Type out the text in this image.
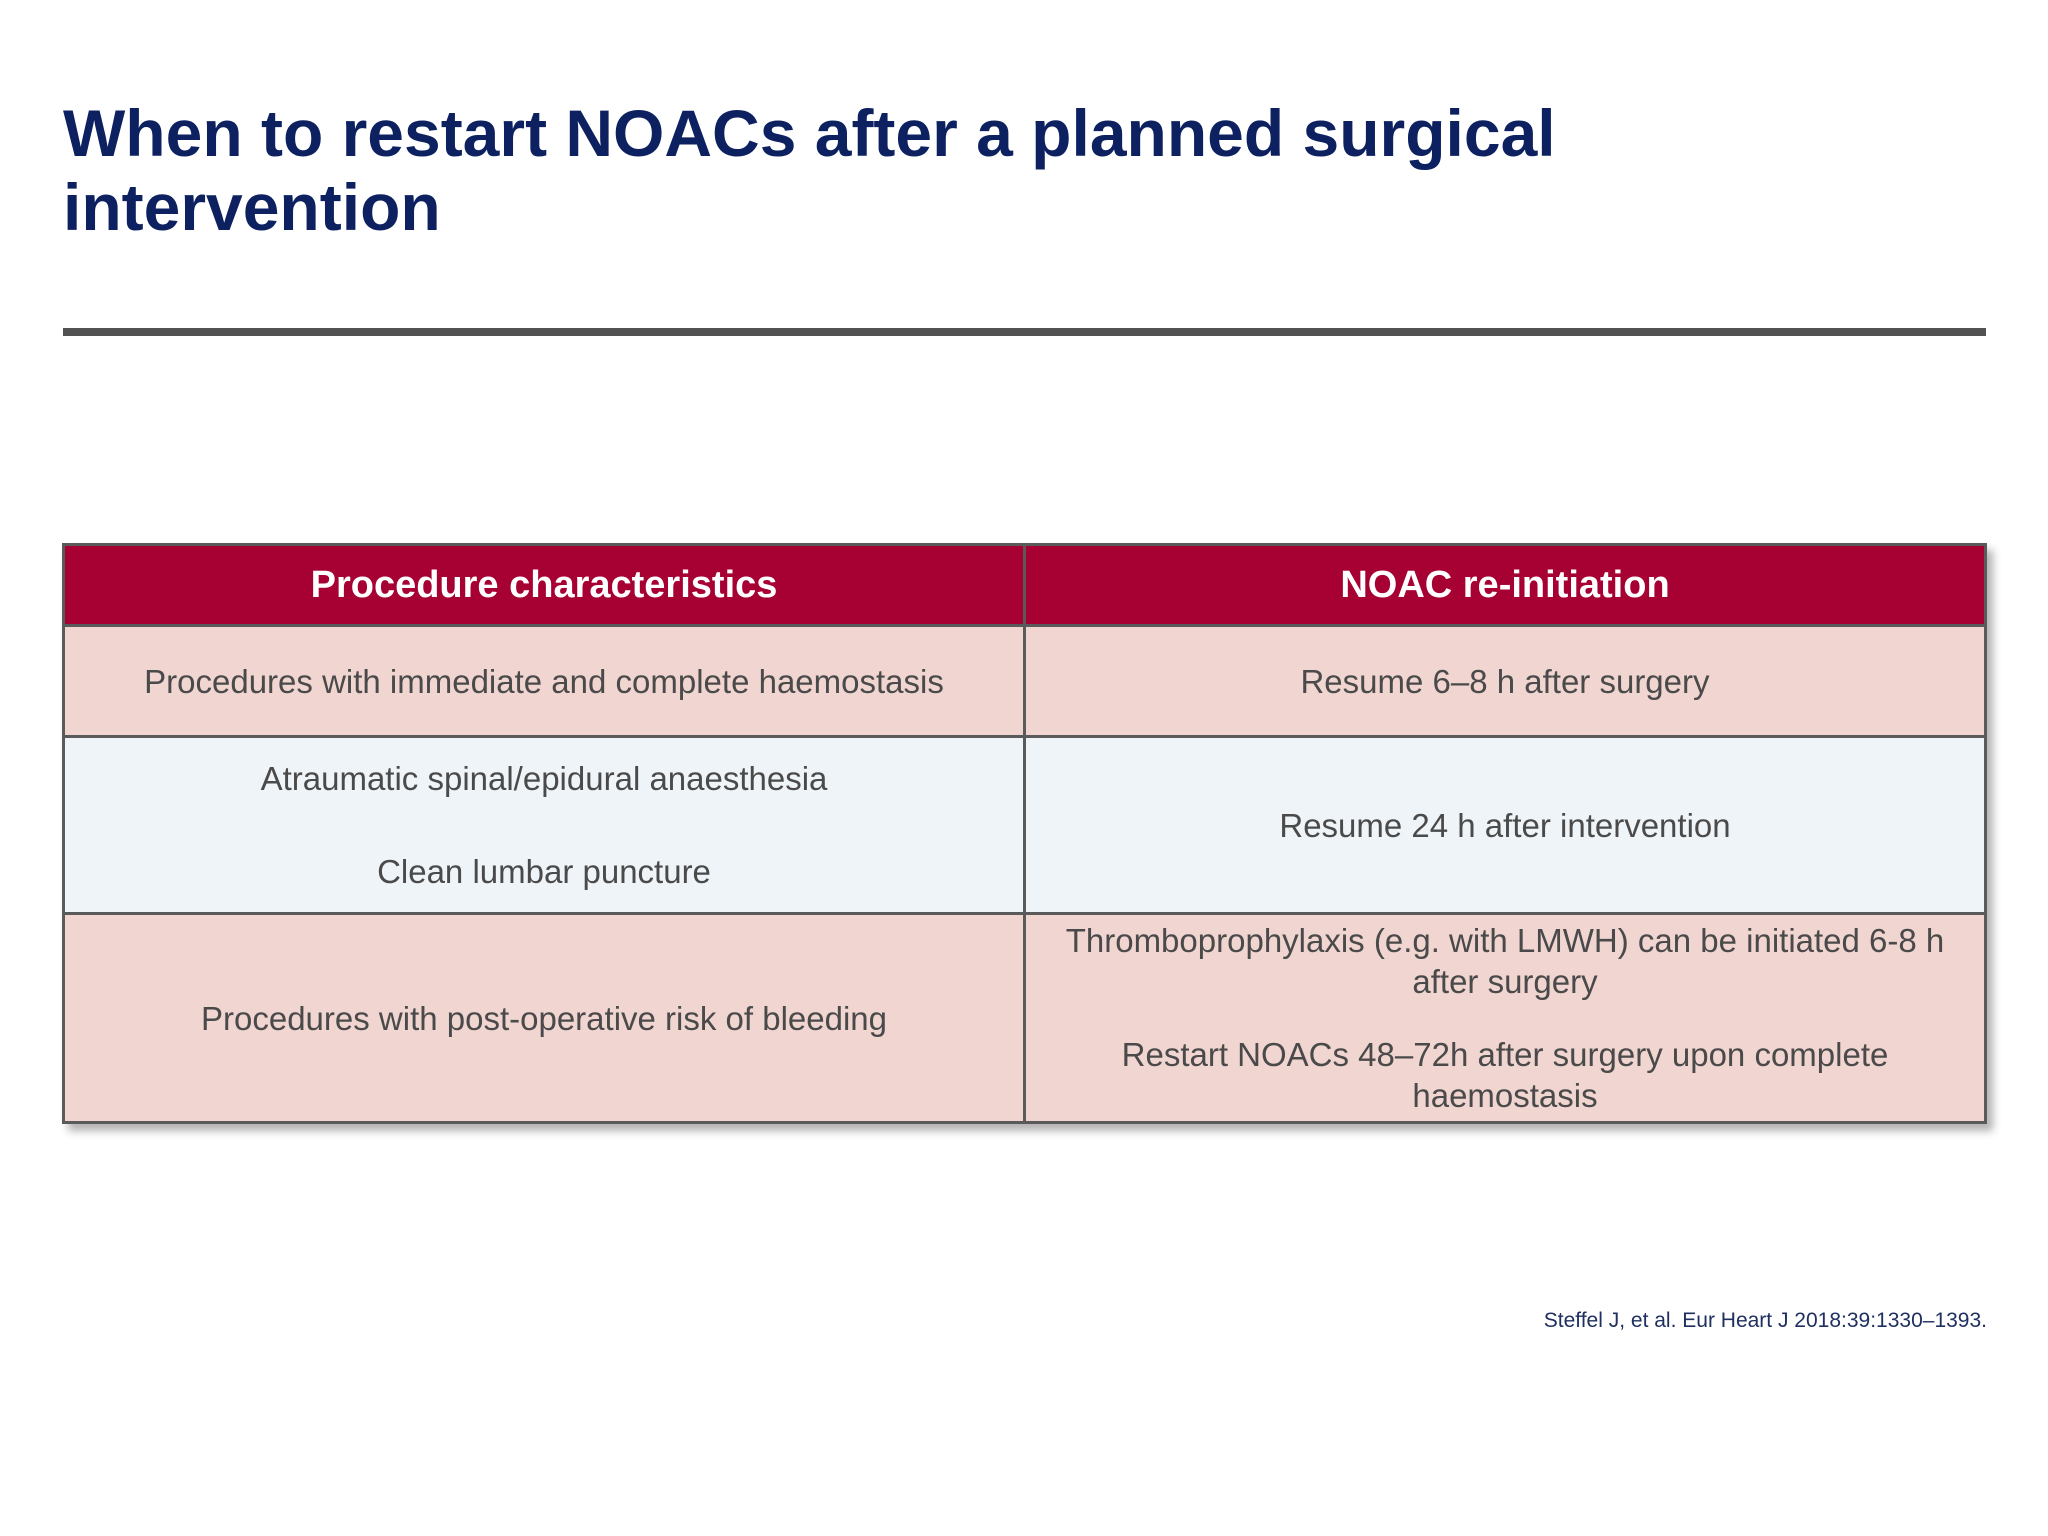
When to restart NOACs after a planned surgical intervention
Procedure characteristics	NOAC re-initiation

Procedures with immediate and complete haemostasis	Resume 6–8 h after surgery

Atraumatic spinal/epidural anaesthesia
Clean lumbar puncture	Resume 24 h after intervention

Procedures with post-operative risk of bleeding	Thromboprophylaxis (e.g. with LMWH) can be initiated 6-8 h after surgery
Restart NOACs 48–72h after surgery upon complete haemostasis
Steffel J, et al. Eur Heart J 2018:39:1330–1393.
